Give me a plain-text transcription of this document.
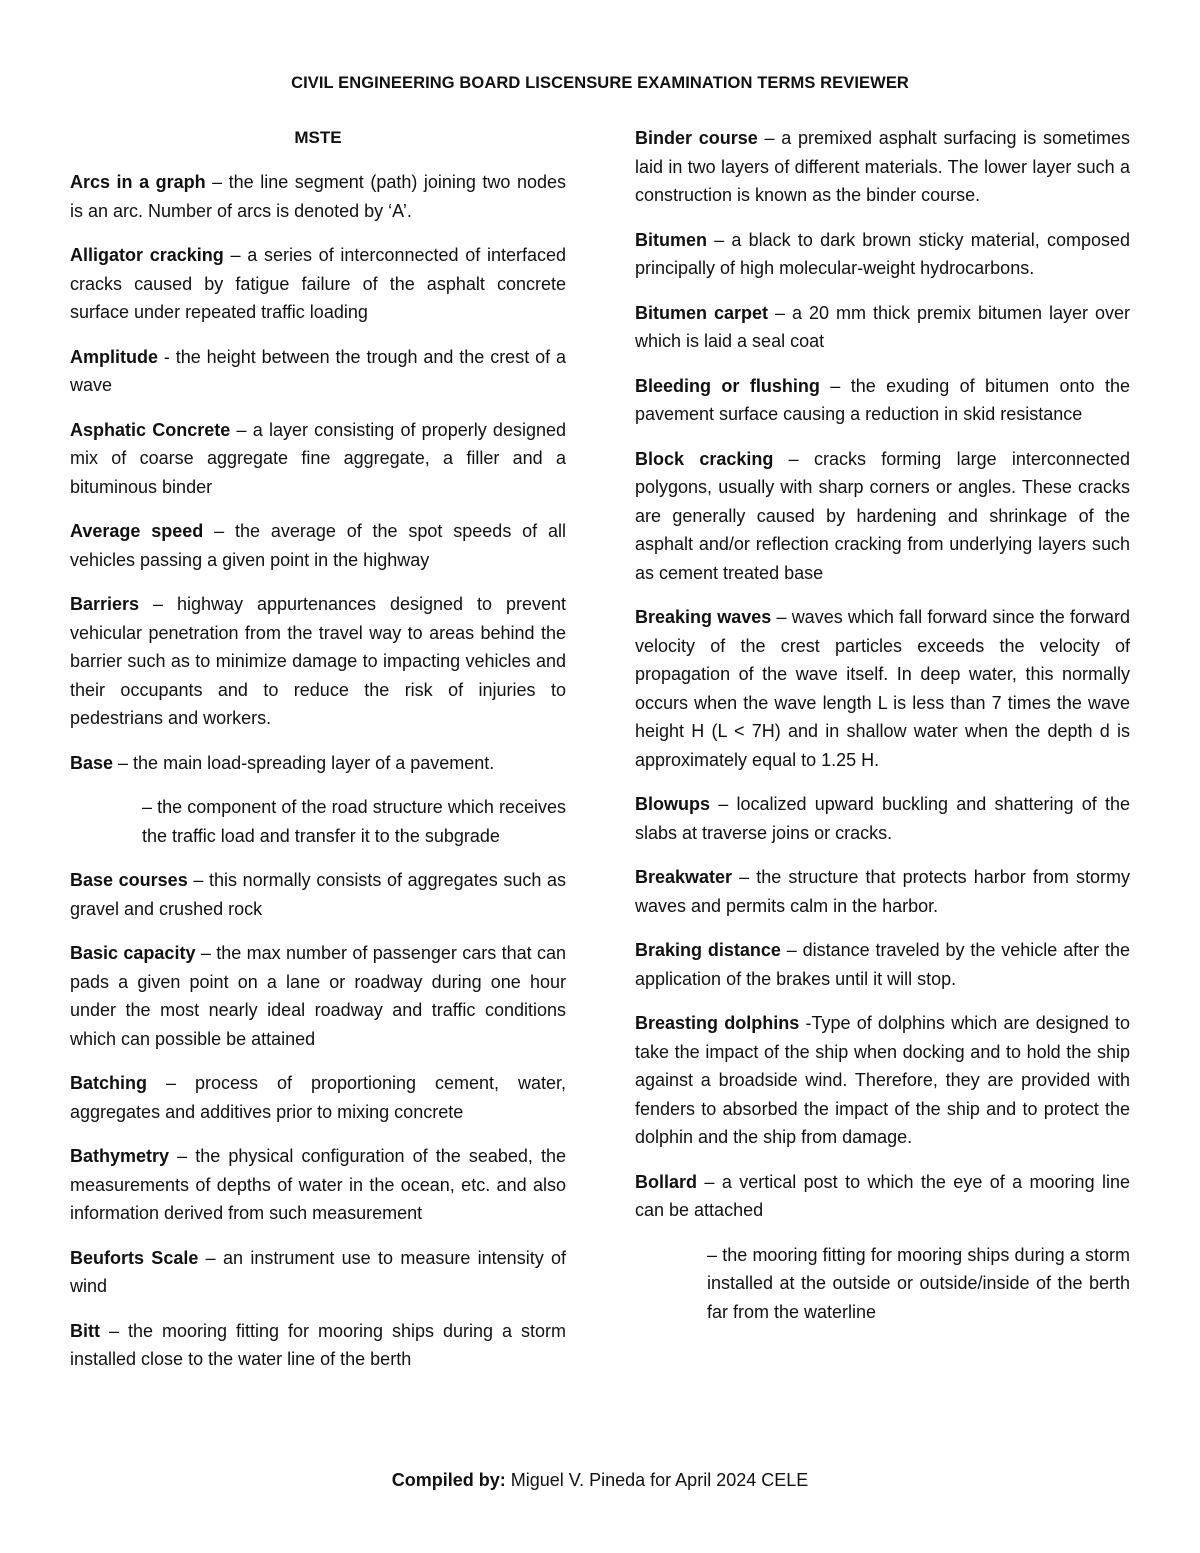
CIVIL ENGINEERING BOARD LISCENSURE EXAMINATION TERMS REVIEWER
MSTE
Arcs in a graph – the line segment (path) joining two nodes is an arc. Number of arcs is denoted by ‘A’.
Alligator cracking – a series of interconnected of interfaced cracks caused by fatigue failure of the asphalt concrete surface under repeated traffic loading
Amplitude - the height between the trough and the crest of a wave
Asphatic Concrete – a layer consisting of properly designed mix of coarse aggregate fine aggregate, a filler and a bituminous binder
Average speed – the average of the spot speeds of all vehicles passing a given point in the highway
Barriers – highway appurtenances designed to prevent vehicular penetration from the travel way to areas behind the barrier such as to minimize damage to impacting vehicles and their occupants and to reduce the risk of injuries to pedestrians and workers.
Base – the main load-spreading layer of a pavement.
– the component of the road structure which receives the traffic load and transfer it to the subgrade
Base courses – this normally consists of aggregates such as gravel and crushed rock
Basic capacity – the max number of passenger cars that can pads a given point on a lane or roadway during one hour under the most nearly ideal roadway and traffic conditions which can possible be attained
Batching – process of proportioning cement, water, aggregates and additives prior to mixing concrete
Bathymetry – the physical configuration of the seabed, the measurements of depths of water in the ocean, etc. and also information derived from such measurement
Beuforts Scale – an instrument use to measure intensity of wind
Bitt – the mooring fitting for mooring ships during a storm installed close to the water line of the berth
Binder course – a premixed asphalt surfacing is sometimes laid in two layers of different materials. The lower layer such a construction is known as the binder course.
Bitumen – a black to dark brown sticky material, composed principally of high molecular-weight hydrocarbons.
Bitumen carpet – a 20 mm thick premix bitumen layer over which is laid a seal coat
Bleeding or flushing – the exuding of bitumen onto the pavement surface causing a reduction in skid resistance
Block cracking – cracks forming large interconnected polygons, usually with sharp corners or angles. These cracks are generally caused by hardening and shrinkage of the asphalt and/or reflection cracking from underlying layers such as cement treated base
Breaking waves – waves which fall forward since the forward velocity of the crest particles exceeds the velocity of propagation of the wave itself. In deep water, this normally occurs when the wave length L is less than 7 times the wave height H (L < 7H) and in shallow water when the depth d is approximately equal to 1.25 H.
Blowups – localized upward buckling and shattering of the slabs at traverse joins or cracks.
Breakwater – the structure that protects harbor from stormy waves and permits calm in the harbor.
Braking distance – distance traveled by the vehicle after the application of the brakes until it will stop.
Breasting dolphins -Type of dolphins which are designed to take the impact of the ship when docking and to hold the ship against a broadside wind. Therefore, they are provided with fenders to absorbed the impact of the ship and to protect the dolphin and the ship from damage.
Bollard – a vertical post to which the eye of a mooring line can be attached
– the mooring fitting for mooring ships during a storm installed at the outside or outside/inside of the berth far from the waterline
Compiled by: Miguel V. Pineda for April 2024 CELE
